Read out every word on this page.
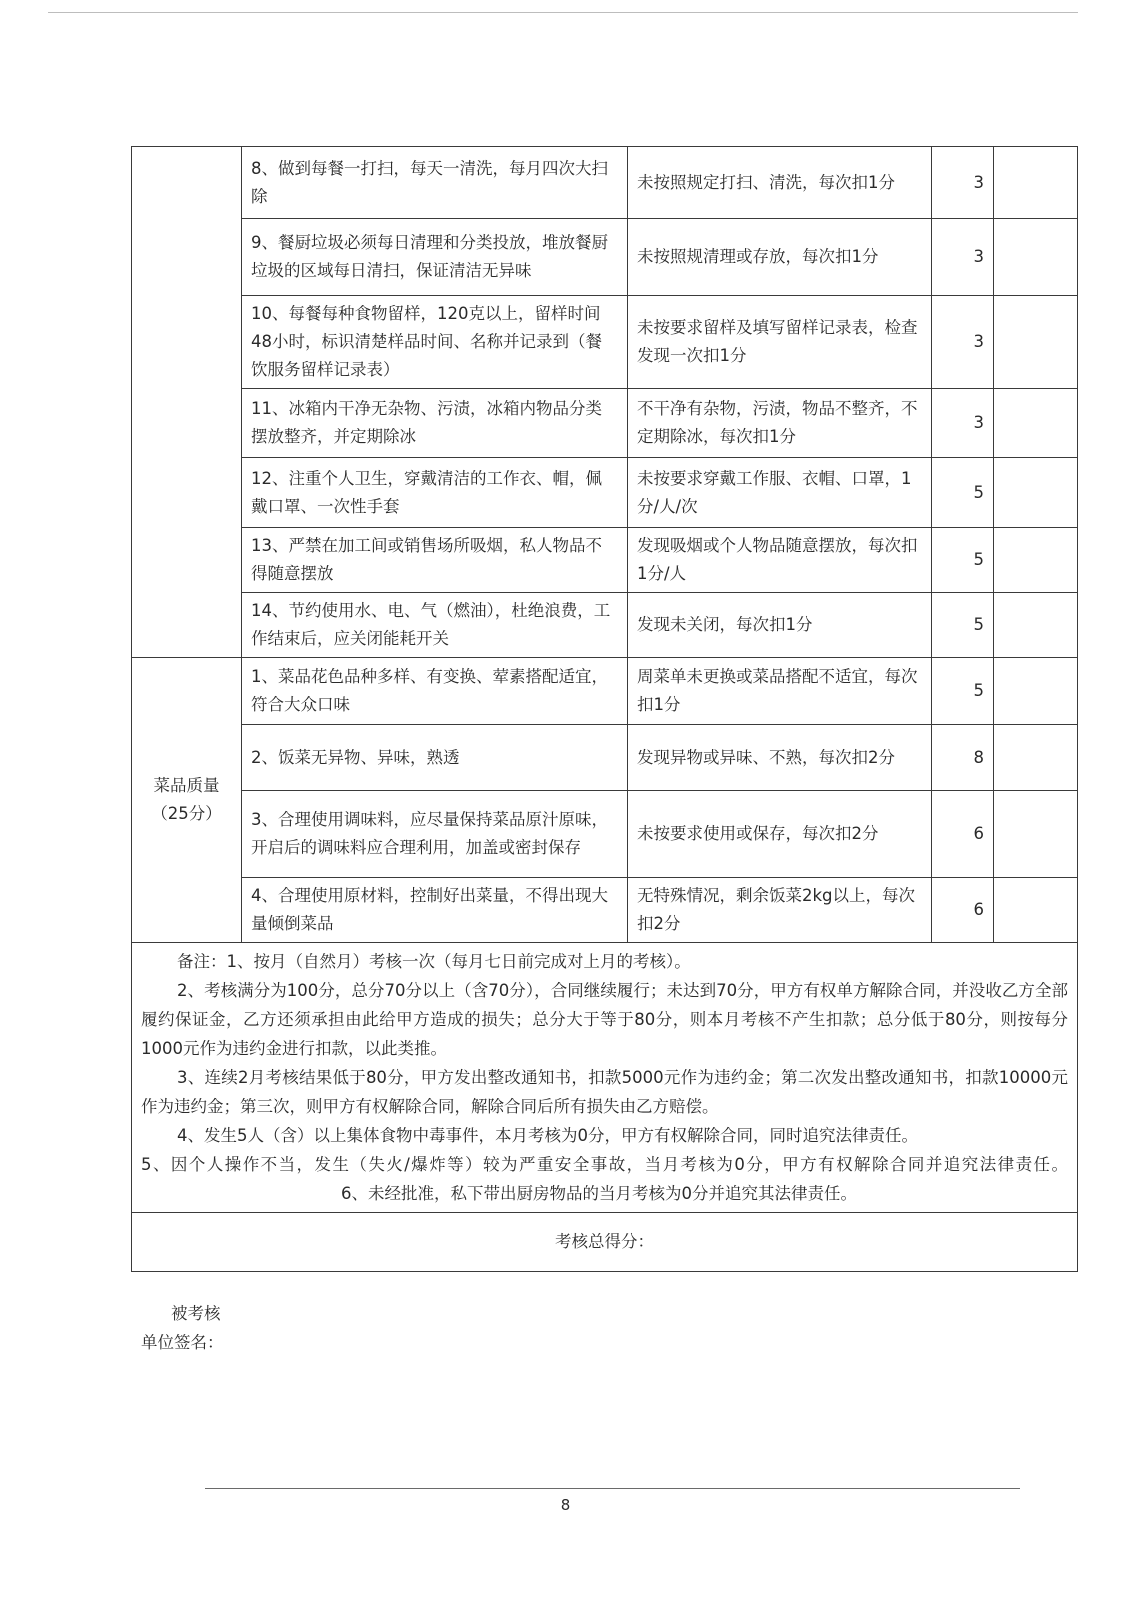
	8、做到每餐一打扫，每天一清洗，每月四次大扫除	未按照规定打扫、清洗，每次扣1分	3	
	9、餐厨垃圾必须每日清理和分类投放，堆放餐厨垃圾的区域每日清扫，保证清洁无异味	未按照规清理或存放，每次扣1分	3	
	10、每餐每种食物留样，120克以上，留样时间48小时，标识清楚样品时间、名称并记录到（餐饮服务留样记录表）	未按要求留样及填写留样记录表，检查发现一次扣1分	3	
	11、冰箱内干净无杂物、污渍，冰箱内物品分类摆放整齐，并定期除冰	不干净有杂物，污渍，物品不整齐，不定期除冰，每次扣1分	3	
	12、注重个人卫生，穿戴清洁的工作衣、帽，佩戴口罩、一次性手套	未按要求穿戴工作服、衣帽、口罩，1分/人/次	5	
	13、严禁在加工间或销售场所吸烟，私人物品不得随意摆放	发现吸烟或个人物品随意摆放，每次扣1分/人	5	
	14、节约使用水、电、气（燃油），杜绝浪费，工作结束后，应关闭能耗开关	发现未关闭，每次扣1分	5	
菜品质量（25分）	1、菜品花色品种多样、有变换、荤素搭配适宜，符合大众口味	周菜单未更换或菜品搭配不适宜，每次扣1分	5	
	2、饭菜无异物、异味，熟透	发现异物或异味、不熟，每次扣2分	8	
	3、合理使用调味料，应尽量保持菜品原汁原味，开启后的调味料应合理利用，加盖或密封保存	未按要求使用或保存，每次扣2分	6	
	4、合理使用原材料，控制好出菜量，不得出现大量倾倒菜品	无特殊情况，剩余饭菜2kg以上，每次扣2分	6	

备注：1、按月（自然月）考核一次（每月七日前完成对上月的考核）。

2、考核满分为100分，总分70分以上（含70分），合同继续履行；未达到70分，甲方有权单方解除合同，并没收乙方全部履约保证金，乙方还须承担由此给甲方造成的损失；总分大于等于80分，则本月考核不产生扣款；总分低于80分，则按每分1000元作为违约金进行扣款，以此类推。

3、连续2月考核结果低于80分，甲方发出整改通知书，扣款5000元作为违约金；第二次发出整改通知书，扣款10000元作为违约金；第三次，则甲方有权解除合同，解除合同后所有损失由乙方赔偿。

4、发生5人（含）以上集体食物中毒事件，本月考核为0分，甲方有权解除合同，同时追究法律责任。

5、因个人操作不当，发生（失火/爆炸等）较为严重安全事故，当月考核为0分，甲方有权解除合同并追究法律责任。6、未经批准，私下带出厨房物品的当月考核为0分并追究其法律责任。				

考核总得分：				
被考核单位签名：
8
